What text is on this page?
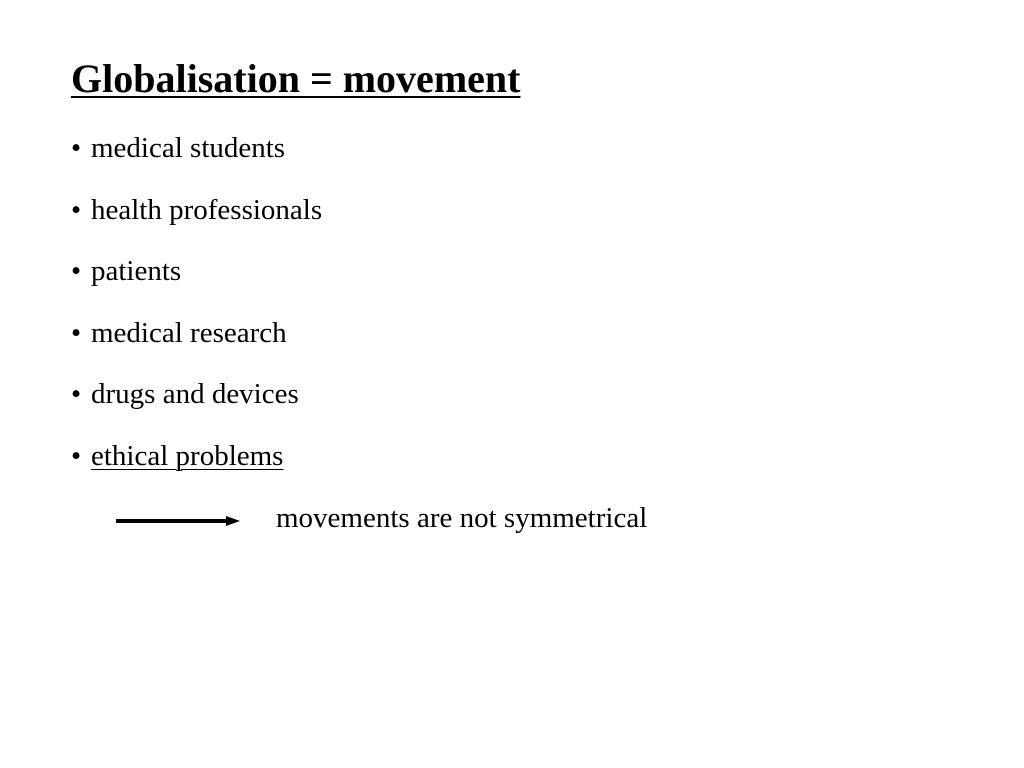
Globalisation = movement
• medical students
• health professionals
• patients
• medical research
• drugs and devices
• ethical problems

movements are not symmetrical
